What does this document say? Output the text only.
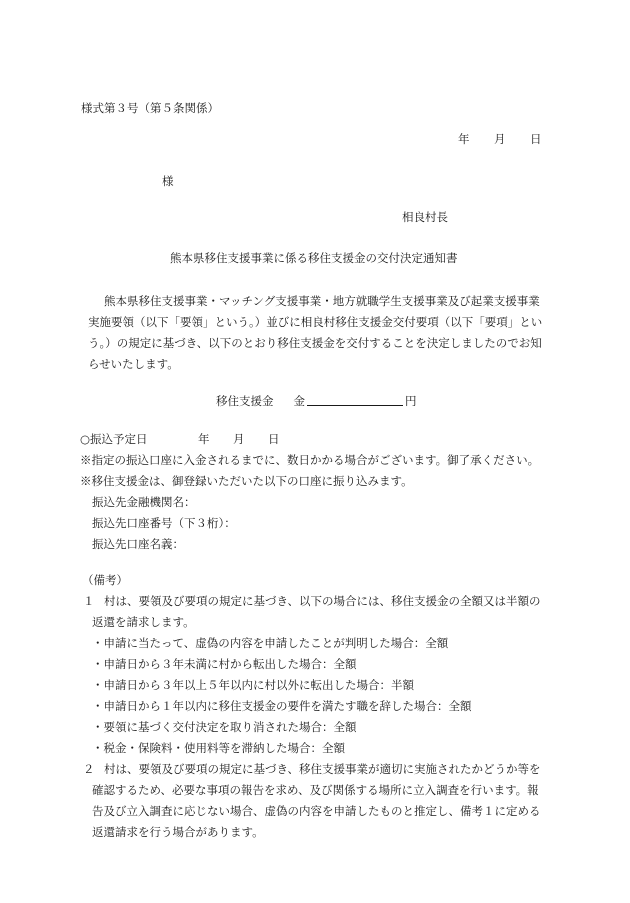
様式第３号（第５条関係）
年 月 日
様
相良村長
熊本県移住支援事業に係る移住支援金の交付決定通知書
熊本県移住支援事業・マッチング支援事業・地方就職学生支援事業及び起業支援事業
実施要領（以下「要領」という。）並びに相良村移住支援金交付要項（以下「要項」とい
う。）の規定に基づき、以下のとおり移住支援金を交付することを決定しましたのでお知
らせいたします。
移住支援金 金	円
○振込予定日	年 月 日
※指定の振込口座に入金されるまでに、数日かかる場合がございます。御了承ください。
※移住支援金は、御登録いただいた以下の口座に振り込みます。
振込先金融機関名：
振込先口座番号（下３桁）：
振込先口座名義：
（備考）
１ 村は、要領及び要項の規定に基づき、以下の場合には、移住支援金の全額又は半額の
返還を請求します。
・申請に当たって、虚偽の内容を申請したことが判明した場合：全額
・申請日から３年未満に村から転出した場合：全額
・申請日から３年以上５年以内に村以外に転出した場合：半額
・申請日から１年以内に移住支援金の要件を満たす職を辞した場合：全額
・要領に基づく交付決定を取り消された場合：全額
・税金・保険料・使用料等を滞納した場合：全額
２ 村は、要領及び要項の規定に基づき、移住支援事業が適切に実施されたかどうか等を
確認するため、必要な事項の報告を求め、及び関係する場所に立入調査を行います。報
告及び立入調査に応じない場合、虚偽の内容を申請したものと推定し、備考１に定める
返還請求を行う場合があります。
